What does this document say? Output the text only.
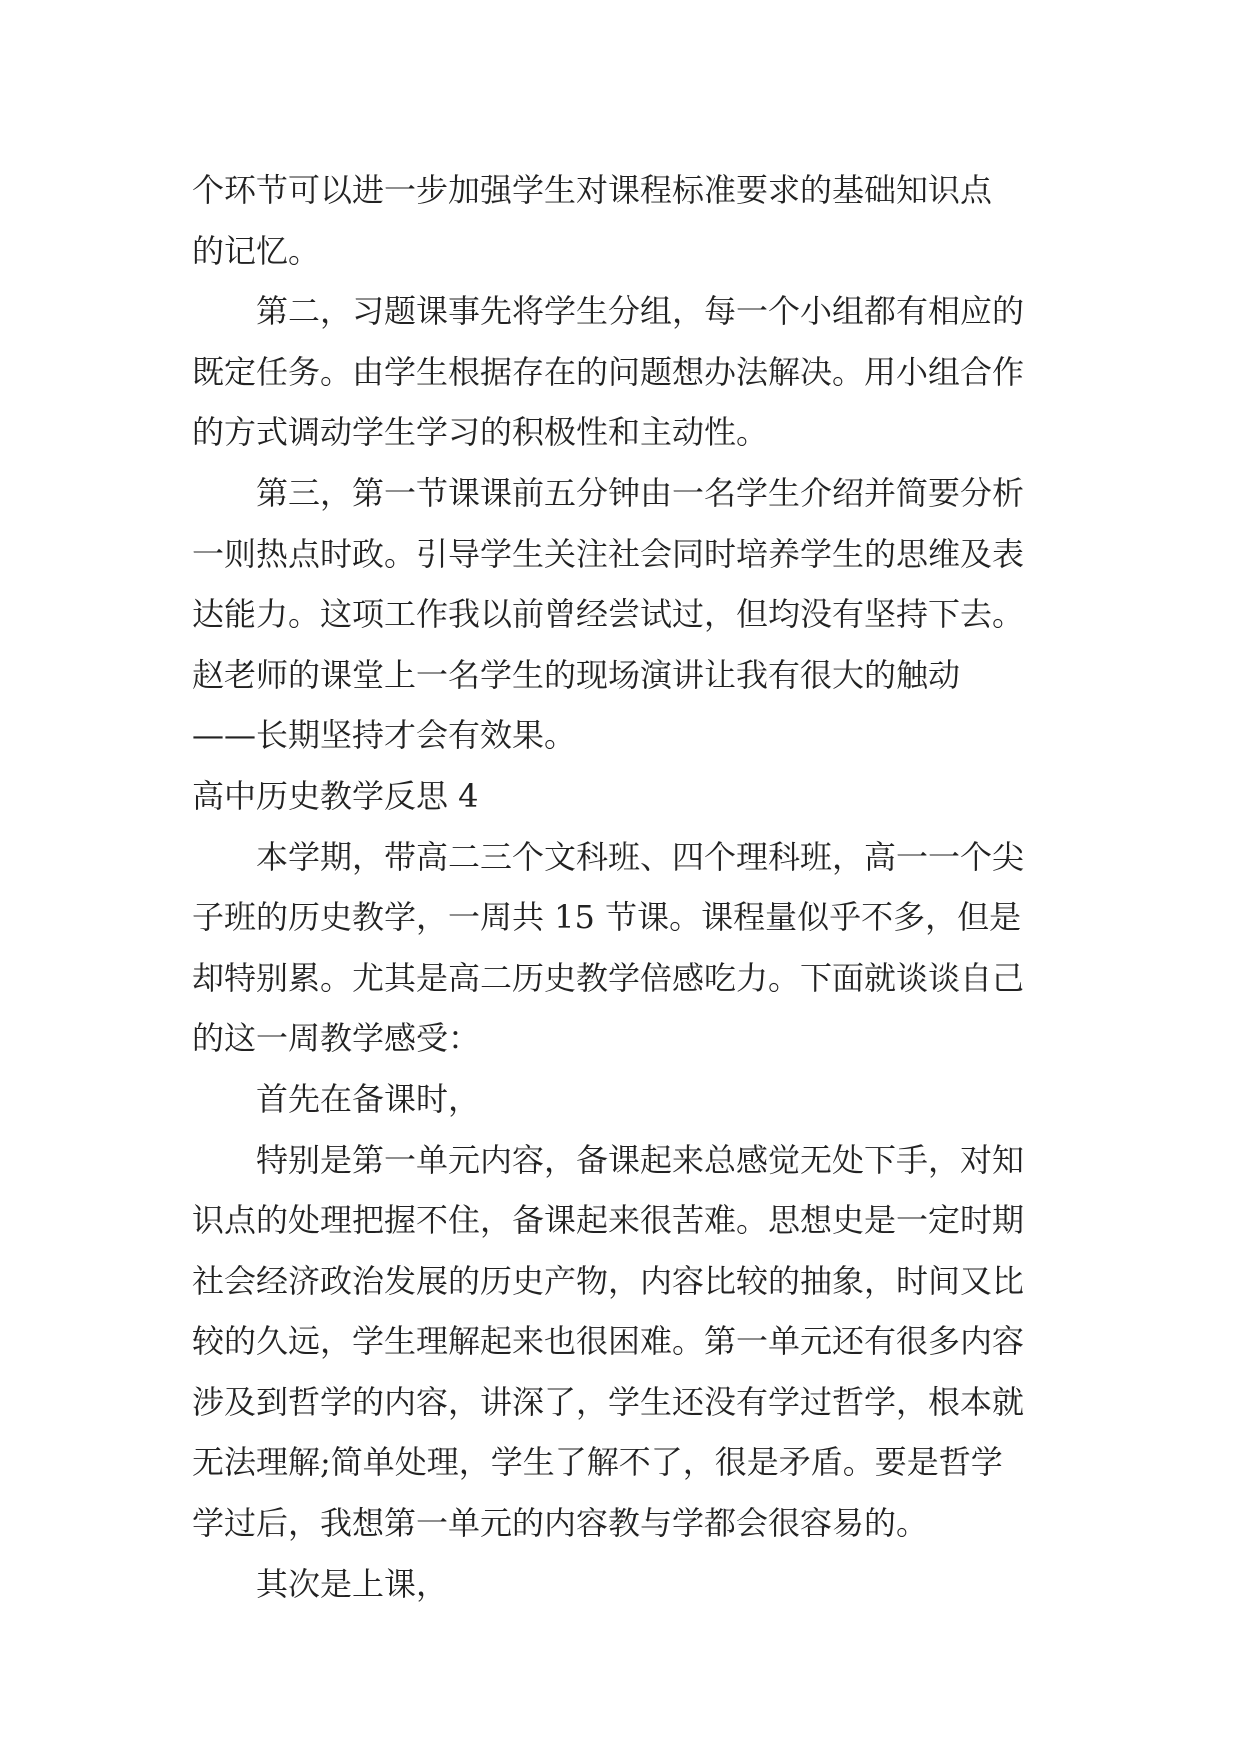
个环节可以进一步加强学生对课程标准要求的基础知识点
的记忆。
第二，习题课事先将学生分组，每一个小组都有相应的
既定任务。由学生根据存在的问题想办法解决。用小组合作
的方式调动学生学习的积极性和主动性。
第三，第一节课课前五分钟由一名学生介绍并简要分析
一则热点时政。引导学生关注社会同时培养学生的思维及表
达能力。这项工作我以前曾经尝试过，但均没有坚持下去。
赵老师的课堂上一名学生的现场演讲让我有很大的触动
——长期坚持才会有效果。
高中历史教学反思 4
本学期，带高二三个文科班、四个理科班，高一一个尖
子班的历史教学，一周共 15 节课。课程量似乎不多，但是
却特别累。尤其是高二历史教学倍感吃力。下面就谈谈自己
的这一周教学感受：
首先在备课时，
特别是第一单元内容，备课起来总感觉无处下手，对知
识点的处理把握不住，备课起来很苦难。思想史是一定时期
社会经济政治发展的历史产物，内容比较的抽象，时间又比
较的久远，学生理解起来也很困难。第一单元还有很多内容
涉及到哲学的内容，讲深了，学生还没有学过哲学，根本就
无法理解;简单处理，学生了解不了，很是矛盾。要是哲学
学过后，我想第一单元的内容教与学都会很容易的。
其次是上课，
